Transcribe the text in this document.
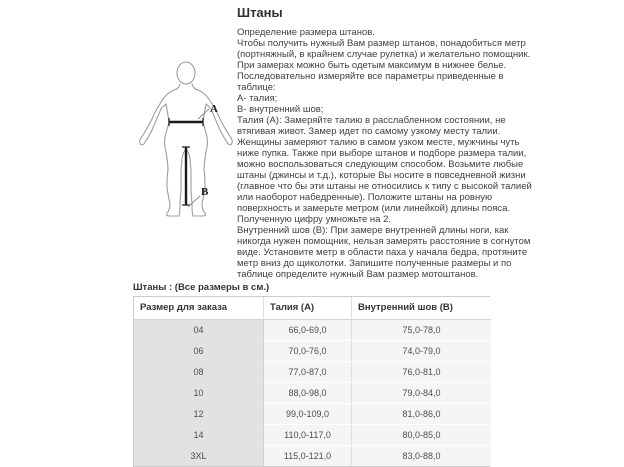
A
B
Штаны
Определение размера штанов.
Чтобы получить нужный Вам размер штанов, понадобиться метр
(портняжный, в крайнем случае рулетка) и желательно помощник.
При замерах можно быть одетым максимум в нижнее белье.
Последовательно измеряйте все параметры приведенные в
таблице:
А- талия;
В- внутренний шов;
Талия (А): Замеряйте талию в расслабленном состоянии, не
втягивая живот. Замер идет по самому узкому месту талии.
Женщины замеряют талию в самом узком месте, мужчины чуть
ниже пупка. Также при выборе штанов и подборе размера талии,
можно воспользоваться следующим способом. Возьмите любые
штаны (джинсы и т.д.), которые Вы носите в повседневной жизни
(главное что бы эти штаны не относились к типу с высокой талией
или наоборот набедренные). Положите штаны на ровную
поверхность и замерьте метром (или линейкой) длины пояса.
Полученную цифру умножьте на 2.
Внутренний шов (В): При замере внутренней длины ноги, как
никогда нужен помощник, нельзя замерять расстояние в согнутом
виде. Установите метр в области паха у начала бедра, протяните
метр вниз до щиколотки. Запишите полученные размеры и по
таблице определите нужный Вам размер мотоштанов.
Штаны : (Все размеры в см.)
Размер для заказа	Талия (А)	Внутренний шов (В)
04	66,0-69,0	75,0-78,0
06	70,0-76,0	74,0-79,0
08	77,0-87,0	76,0-81,0
10	88,0-98,0	79,0-84,0
12	99,0-109,0	81,0-86,0
14	110,0-117,0	80,0-85,0
3XL	115,0-121,0	83,0-88,0
